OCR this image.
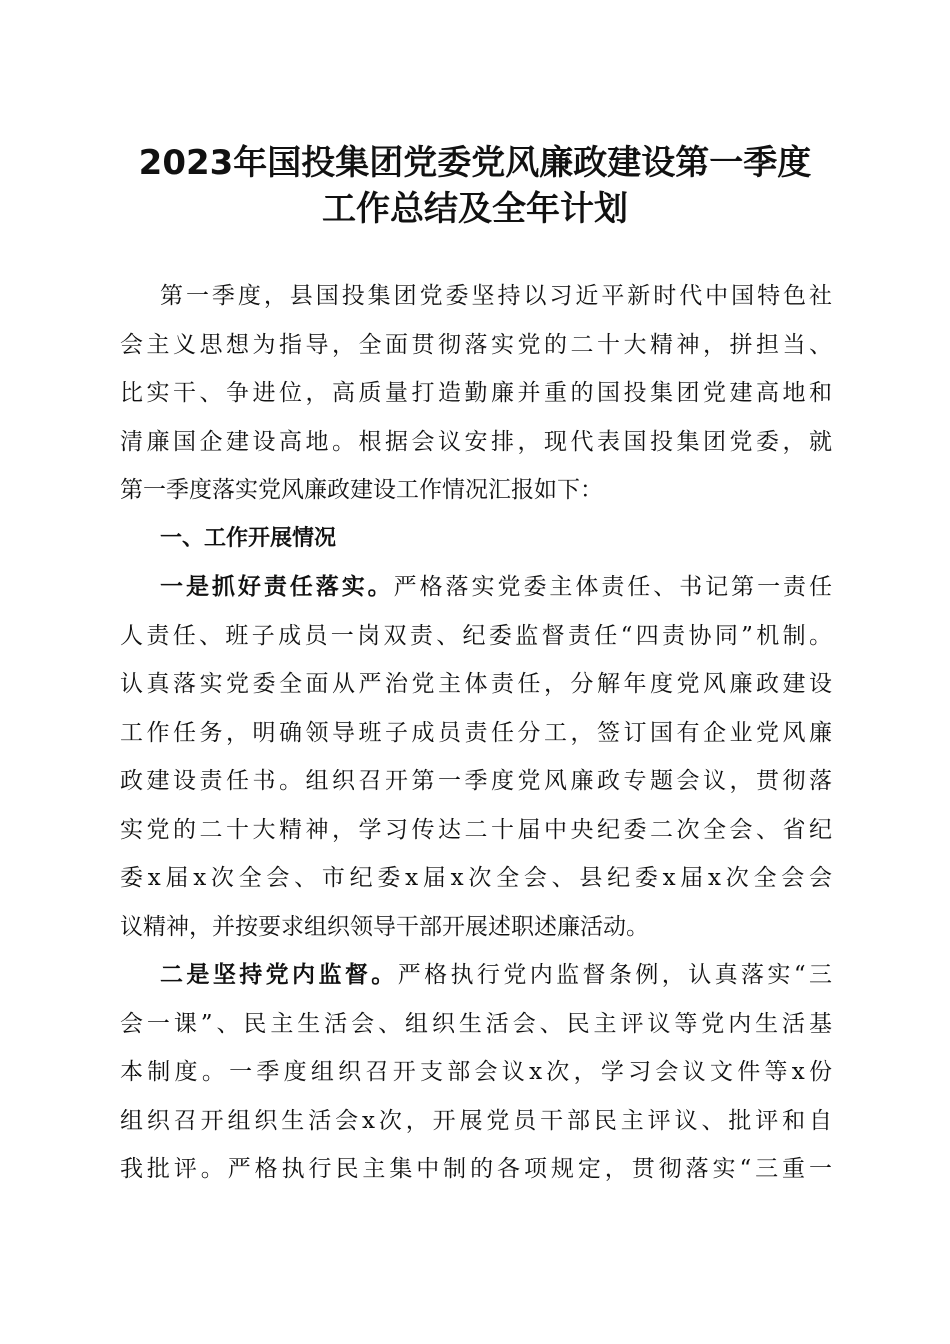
2023年国投集团党委党风廉政建设第一季度
工作总结及全年计划
第一季度，县国投集团党委坚持以习近平新时代中国特色社
会主义思想为指导，全面贯彻落实党的二十大精神，拼担当、
比实干、争进位，高质量打造勤廉并重的国投集团党建高地和
清廉国企建设高地。根据会议安排，现代表国投集团党委，就
第一季度落实党风廉政建设工作情况汇报如下：
一、工作开展情况
一是抓好责任落实。严格落实党委主体责任、书记第一责任
人责任、班子成员一岗双责、纪委监督责任“四责协同”机制。
认真落实党委全面从严治党主体责任，分解年度党风廉政建设
工作任务，明确领导班子成员责任分工，签订国有企业党风廉
政建设责任书。组织召开第一季度党风廉政专题会议，贯彻落
实党的二十大精神，学习传达二十届中央纪委二次全会、省纪
委x届x次全会、市纪委x届x次全会、县纪委x届x次全会会
议精神，并按要求组织领导干部开展述职述廉活动。
二是坚持党内监督。严格执行党内监督条例，认真落实“三
会一课”、民主生活会、组织生活会、民主评议等党内生活基
本制度。一季度组织召开支部会议x次，学习会议文件等x份
组织召开组织生活会x次，开展党员干部民主评议、批评和自
我批评。严格执行民主集中制的各项规定，贯彻落实“三重一
